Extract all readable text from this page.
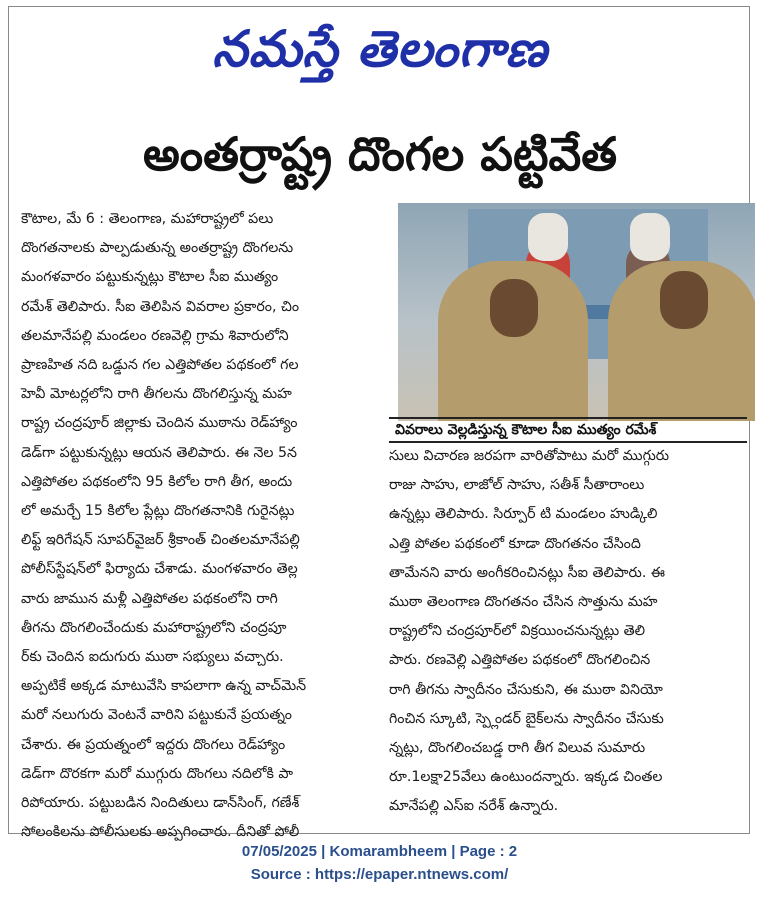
నమస్తే తెలంగాణ
అంతర్రాష్ట్ర దొంగల పట్టివేత
కౌటాల, మే 6 : తెలంగాణ, మహారాష్ట్రలో పలు
దొంగతనాలకు పాల్పడుతున్న అంతర్రాష్ట్ర దొంగలను
మంగళవారం పట్టుకున్నట్లు కౌటాల సీఐ ముత్యం
రమేశ్ తెలిపారు. సీఐ తెలిపిన వివరాల ప్రకారం, చిం
తలమానేపల్లి మండలం రణవెల్లి గ్రామ శివారులోని
ప్రాణహిత నది ఒడ్డున గల ఎత్తిపోతల పథకంలో గల
హెవీ మోటర్లలోని రాగి తీగలను దొంగలిస్తున్న మహ
రాష్ట్ర చంద్రపూర్ జిల్లాకు చెందిన ముఠాను రెడ్‌హ్యాం
డెడ్‌గా పట్టుకున్నట్లు ఆయన తెలిపారు. ఈ నెల 5న
ఎత్తిపోతల పథకంలోని 95 కిలోల రాగి తీగ, అందు
లో అమర్చే 15 కిలోల ప్లేట్లు దొంగతనానికి గురైనట్లు
లిఫ్ట్ ఇరిగేషన్ సూపర్‌వైజర్ శ్రీకాంత్ చింతలమానేపల్లి
పోలీస్‌స్టేషన్‌లో ఫిర్యాదు చేశాడు. మంగళవారం తెల్ల
వారు జామున మళ్లీ ఎత్తిపోతల పథకంలోని రాగి
తీగను దొంగలించేందుకు మహారాష్ట్రలోని చంద్రపూ
ర్‌కు చెందిన ఐదుగురు ముఠా సభ్యులు వచ్చారు.
అప్పటికే అక్కడ మాటువేసి కాపలాగా ఉన్న వాచ్‌మెన్
మరో నలుగురు వెంటనే వారిని పట్టుకునే ప్రయత్నం
చేశారు. ఈ ప్రయత్నంలో ఇద్దరు దొంగలు రెడ్‌హ్యాం
డెడ్‌గా దొరకగా మరో ముగ్గురు దొంగలు నదిలోకి పా
రిపోయారు. పట్టుబడిన నిందితులు డాన్‌సింగ్, గణేశ్
సోలంకిలను పోలీసులకు అప్పగించారు. దీనితో పోలీ
వివరాలు వెల్లడిస్తున్న కౌటాల సీఐ ముత్యం రమేశ్
సులు విచారణ జరపగా వారితోపాటు మరో ముగ్గురు
రాజు సాహు, లాజోల్ సాహు, సతీశ్ సీతారాంలు
ఉన్నట్లు తెలిపారు. సిర్పూర్ టి మండలం హుడ్కిలి
ఎత్తి పోతల పథకంలో కూడా దొంగతనం చేసింది
తామేనని వారు అంగీకరించినట్లు సీఐ తెలిపారు. ఈ
ముఠా తెలంగాణ దొంగతనం చేసిన సొత్తును మహ
రాష్ట్రలోని చంద్రపూర్‌లో విక్రయించనున్నట్లు తెలి
పారు. రణవెల్లి ఎత్తిపోతల పథకంలో దొంగలించిన
రాగి తీగను స్వాదీనం చేసుకుని, ఈ ముఠా వినియో
గించిన స్కూటి, స్ప్లెండర్ బైక్‌లను స్వాదీనం చేసుకు
న్నట్లు, దొంగలించబడ్డ రాగి తీగ విలువ సుమారు
రూ.1లక్షా25వేలు ఉంటుందన్నారు. ఇక్కడ చింతల
మానేపల్లి ఎస్ఐ నరేశ్ ఉన్నారు.
07/05/2025 | Komarambheem | Page : 2
Source : https://epaper.ntnews.com/
